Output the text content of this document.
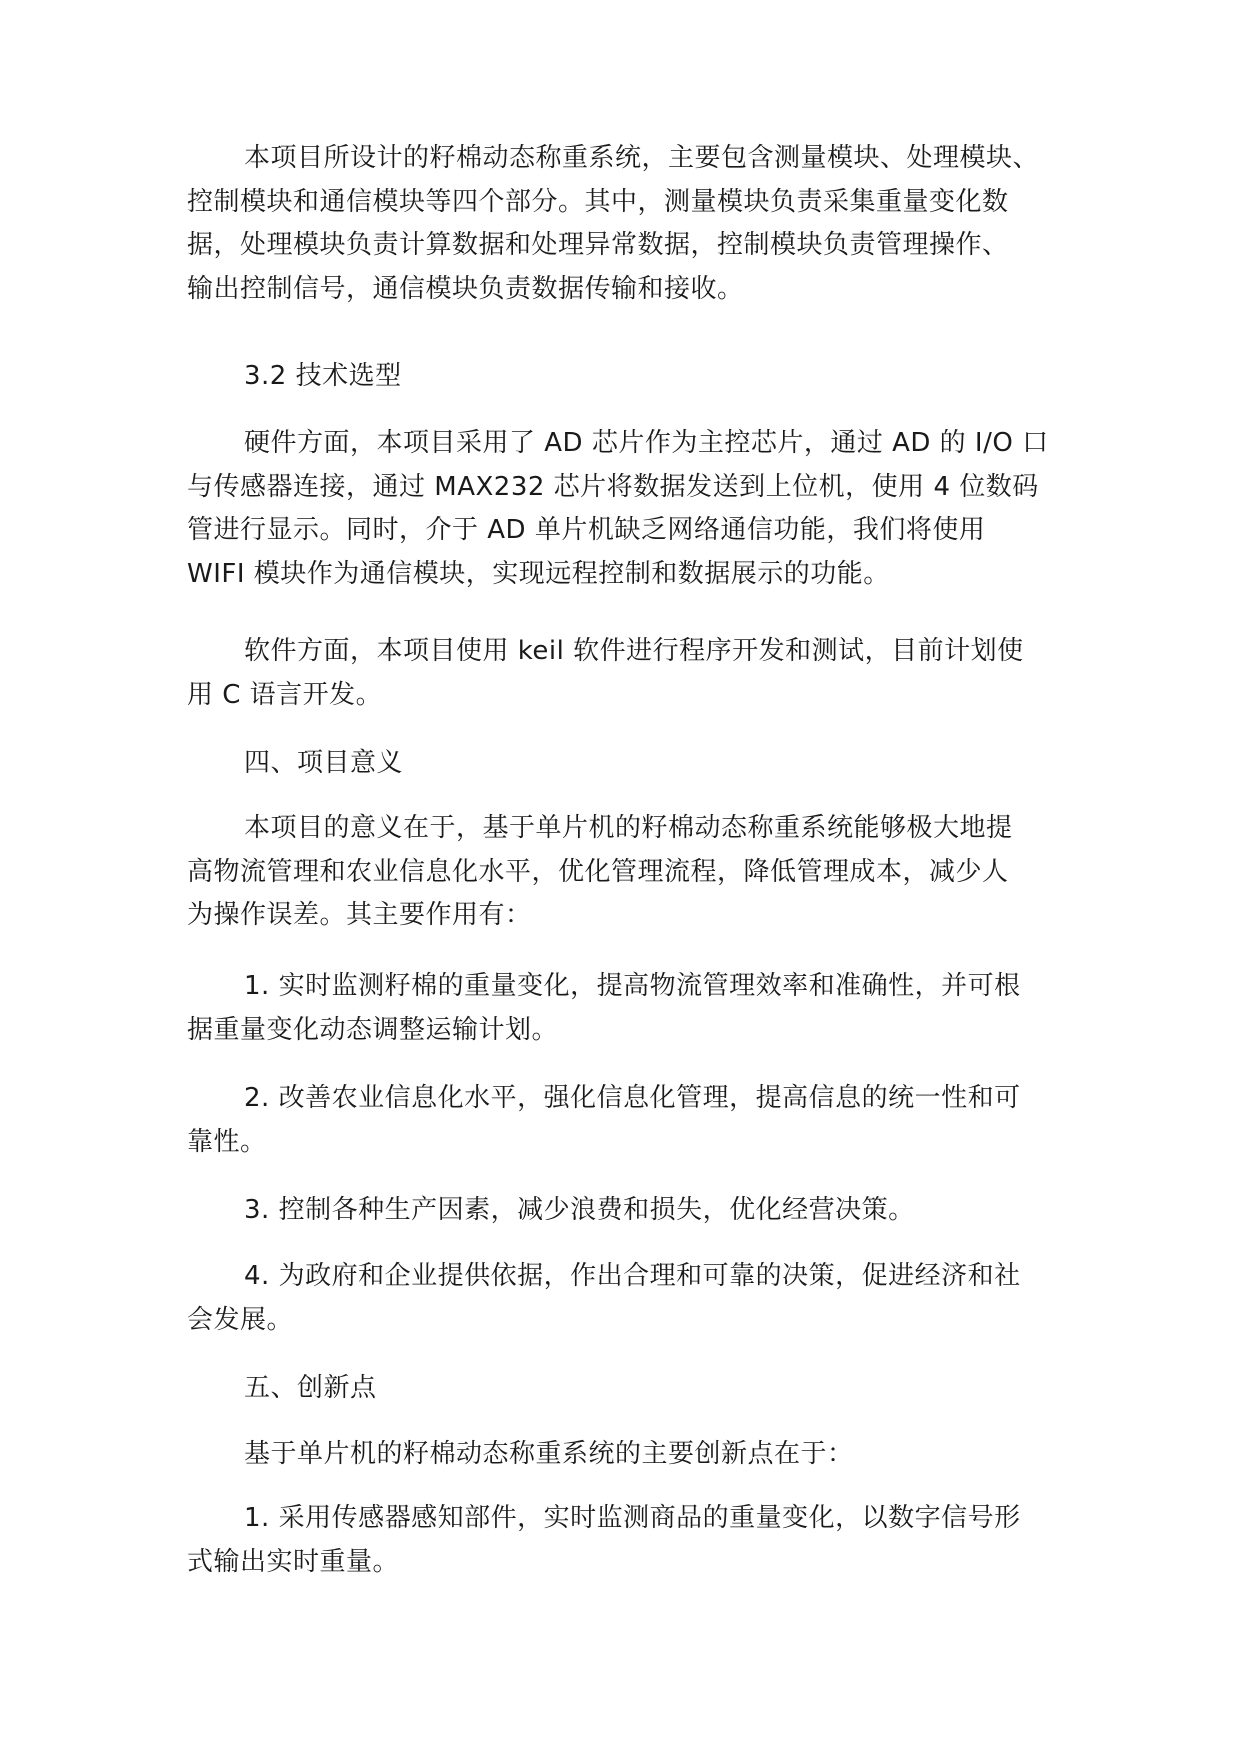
本项目所设计的籽棉动态称重系统，主要包含测量模块、处理模块、
控制模块和通信模块等四个部分。其中，测量模块负责采集重量变化数
据，处理模块负责计算数据和处理异常数据，控制模块负责管理操作、
输出控制信号，通信模块负责数据传输和接收。
3.2 技术选型
硬件方面，本项目采用了 AD 芯片作为主控芯片，通过 AD 的 I/O 口
与传感器连接，通过 MAX232 芯片将数据发送到上位机，使用 4 位数码
管进行显示。同时，介于 AD 单片机缺乏网络通信功能，我们将使用
WIFI 模块作为通信模块，实现远程控制和数据展示的功能。
软件方面，本项目使用 keil 软件进行程序开发和测试，目前计划使
用 C 语言开发。
四、项目意义
本项目的意义在于，基于单片机的籽棉动态称重系统能够极大地提
高物流管理和农业信息化水平，优化管理流程，降低管理成本，减少人
为操作误差。其主要作用有：
1. 实时监测籽棉的重量变化，提高物流管理效率和准确性，并可根
据重量变化动态调整运输计划。
2. 改善农业信息化水平，强化信息化管理，提高信息的统一性和可
靠性。
3. 控制各种生产因素，减少浪费和损失，优化经营决策。
4. 为政府和企业提供依据，作出合理和可靠的决策，促进经济和社
会发展。
五、创新点
基于单片机的籽棉动态称重系统的主要创新点在于：
1. 采用传感器感知部件，实时监测商品的重量变化，以数字信号形
式输出实时重量。
